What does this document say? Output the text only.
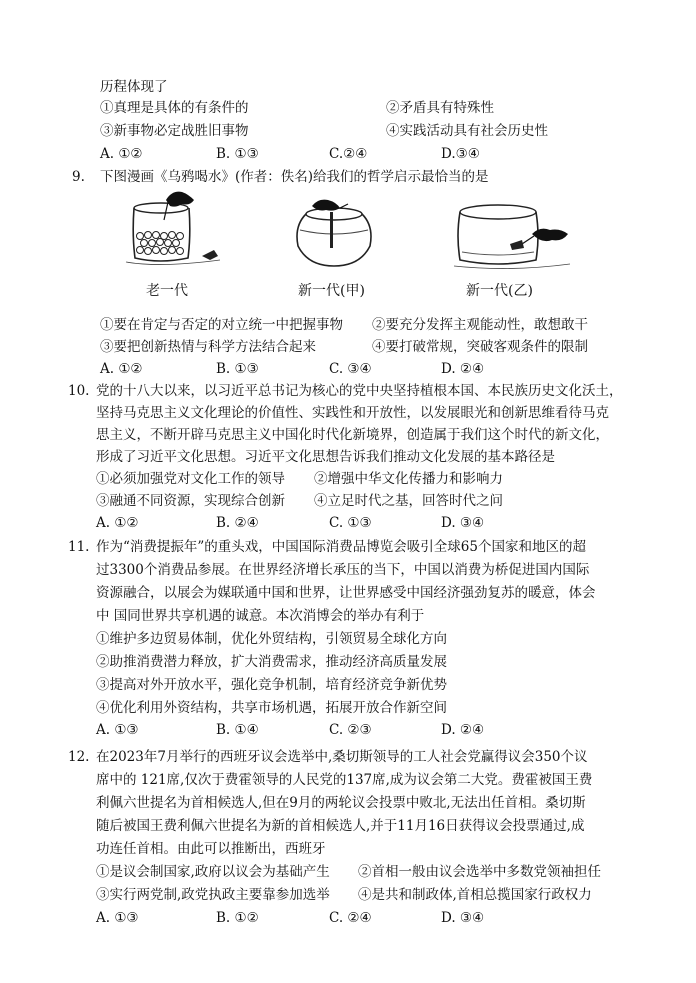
历程体现了
①真理是具体的有条件的	②矛盾具有特殊性
③新事物必定战胜旧事物	④实践活动具有社会历史性
A. ①②	B. ①③	C.②④	D.③④
9. 下图漫画《乌鸦喝水》(作者：佚名)给我们的哲学启示最恰当的是
老一代	新一代(甲)	新一代(乙)
①要在肯定与否定的对立统一中把握事物 ②要充分发挥主观能动性，敢想敢干
③要把创新热情与科学方法结合起来	④要打破常规，突破客观条件的限制
A. ①②	B. ①③	C. ③④	D. ②④
10. 党的十八大以来，以习近平总书记为核心的党中央坚持植根本国、本民族历史文化沃土，
坚持马克思主义文化理论的价值性、实践性和开放性，以发展眼光和创新思维看待马克
思主义，不断开辟马克思主义中国化时代化新境界，创造属于我们这个时代的新文化，
形成了习近平文化思想。习近平文化思想告诉我们推动文化发展的基本路径是
①必须加强党对文化工作的领导 ②增强中华文化传播力和影响力
③融通不同资源，实现综合创新 ④立足时代之基，回答时代之问
A. ①②	B. ②④	C. ①③	D. ③④
11. 作为“消费提振年”的重头戏，中国国际消费品博览会吸引全球65个国家和地区的超
过3300个消费品参展。在世界经济增长承压的当下，中国以消费为桥促进国内国际
资源融合，以展会为媒联通中国和世界，让世界感受中国经济强劲复苏的暖意，体会
中 国同世界共享机遇的诚意。本次消博会的举办有利于
①维护多边贸易体制，优化外贸结构，引领贸易全球化方向
②助推消费潜力释放，扩大消费需求，推动经济高质量发展
③提高对外开放水平，强化竞争机制，培育经济竞争新优势
④优化利用外资结构，共享市场机遇，拓展开放合作新空间
A. ①③	B. ①④	C. ②③	D. ②④
12. 在2023年7月举行的西班牙议会选举中,桑切斯领导的工人社会党赢得议会350个议
席中的 121席,仅次于费霍领导的人民党的137席,成为议会第二大党。费霍被国王费
利佩六世提名为首相候选人,但在9月的两轮议会投票中败北,无法出任首相。桑切斯
随后被国王费利佩六世提名为新的首相候选人,并于11月16日获得议会投票通过,成
功连任首相。由此可以推断出，西班牙
①是议会制国家,政府以议会为基础产生 ②首相一般由议会选举中多数党领袖担任
③实行两党制,政党执政主要靠参加选举 ④是共和制政体,首相总揽国家行政权力
A. ①③	B. ①②	C. ②④	D. ③④
